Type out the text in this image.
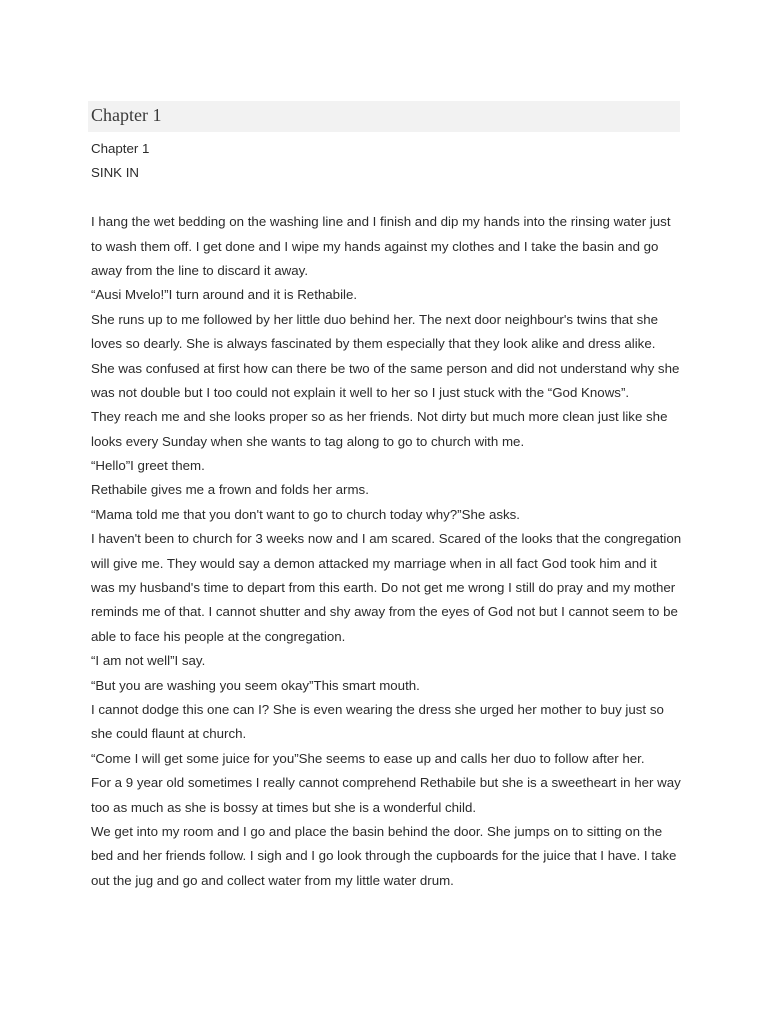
Chapter 1
Chapter 1
SINK IN
I hang the wet bedding on the washing line and I finish and dip my hands into the rinsing water just
to wash them off. I get done and I wipe my hands against my clothes and I take the basin and go
away from the line to discard it away.
“Ausi Mvelo!”I turn around and it is Rethabile.
She runs up to me followed by her little duo behind her. The next door neighbour's twins that she
loves so dearly. She is always fascinated by them especially that they look alike and dress alike.
She was confused at first how can there be two of the same person and did not understand why she
was not double but I too could not explain it well to her so I just stuck with the “God Knows”.
They reach me and she looks proper so as her friends. Not dirty but much more clean just like she
looks every Sunday when she wants to tag along to go to church with me.
“Hello”I greet them.
Rethabile gives me a frown and folds her arms.
“Mama told me that you don't want to go to church today why?”She asks.
I haven't been to church for 3 weeks now and I am scared. Scared of the looks that the congregation
will give me. They would say a demon attacked my marriage when in all fact God took him and it
was my husband's time to depart from this earth. Do not get me wrong I still do pray and my mother
reminds me of that. I cannot shutter and shy away from the eyes of God not but I cannot seem to be
able to face his people at the congregation.
“I am not well”I say.
“But you are washing you seem okay”This smart mouth.
I cannot dodge this one can I? She is even wearing the dress she urged her mother to buy just so
she could flaunt at church.
“Come I will get some juice for you”She seems to ease up and calls her duo to follow after her.
For a 9 year old sometimes I really cannot comprehend Rethabile but she is a sweetheart in her way
too as much as she is bossy at times but she is a wonderful child.
We get into my room and I go and place the basin behind the door. She jumps on to sitting on the
bed and her friends follow. I sigh and I go look through the cupboards for the juice that I have. I take
out the jug and go and collect water from my little water drum.
